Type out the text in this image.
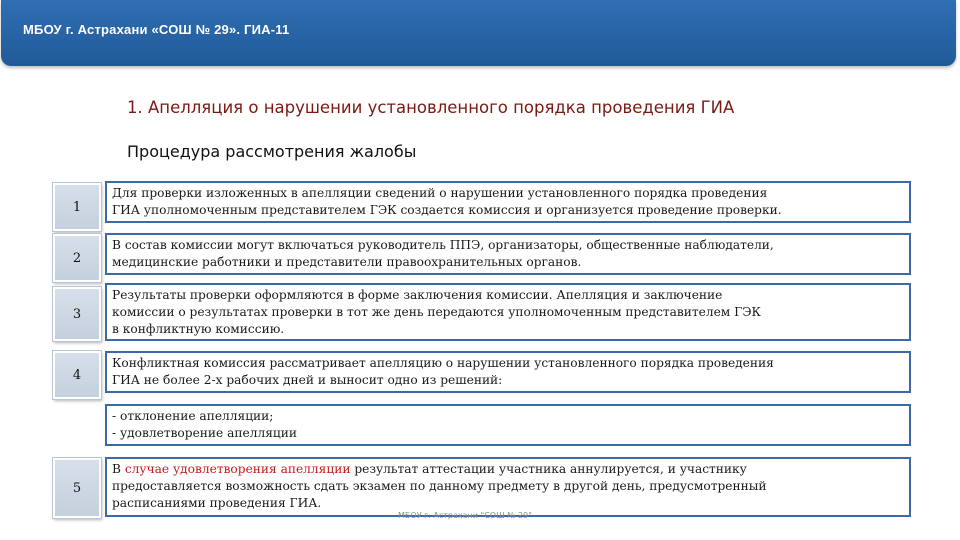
МБОУ г. Астрахани «СОШ № 29». ГИА-11
1. Апелляция о нарушении установленного порядка проведения ГИА
Процедура рассмотрения жалобы
1
Для проверки изложенных в апелляции сведений о нарушении установленного порядка проведения
ГИА уполномоченным представителем ГЭК создается комиссия и организуется проведение проверки.
2
В состав комиссии могут включаться руководитель ППЭ, организаторы, общественные наблюдатели,
медицинские работники и представители правоохранительных органов.
3
Результаты проверки оформляются в форме заключения комиссии. Апелляция и заключение
комиссии о результатах проверки в тот же день передаются уполномоченным представителем ГЭК
в конфликтную комиссию.
4
Конфликтная комиссия рассматривает апелляцию о нарушении установленного порядка проведения
ГИА не более 2-х рабочих дней и выносит одно из решений:
- отклонение апелляции;
- удовлетворение апелляции
5
В случае удовлетворения апелляции результат аттестации участника аннулируется, и участнику
предоставляется возможность сдать экзамен по данному предмету в другой день, предусмотренный
расписаниями проведения ГИА.
МБОУ г. Астрахани "СОШ № 29"
